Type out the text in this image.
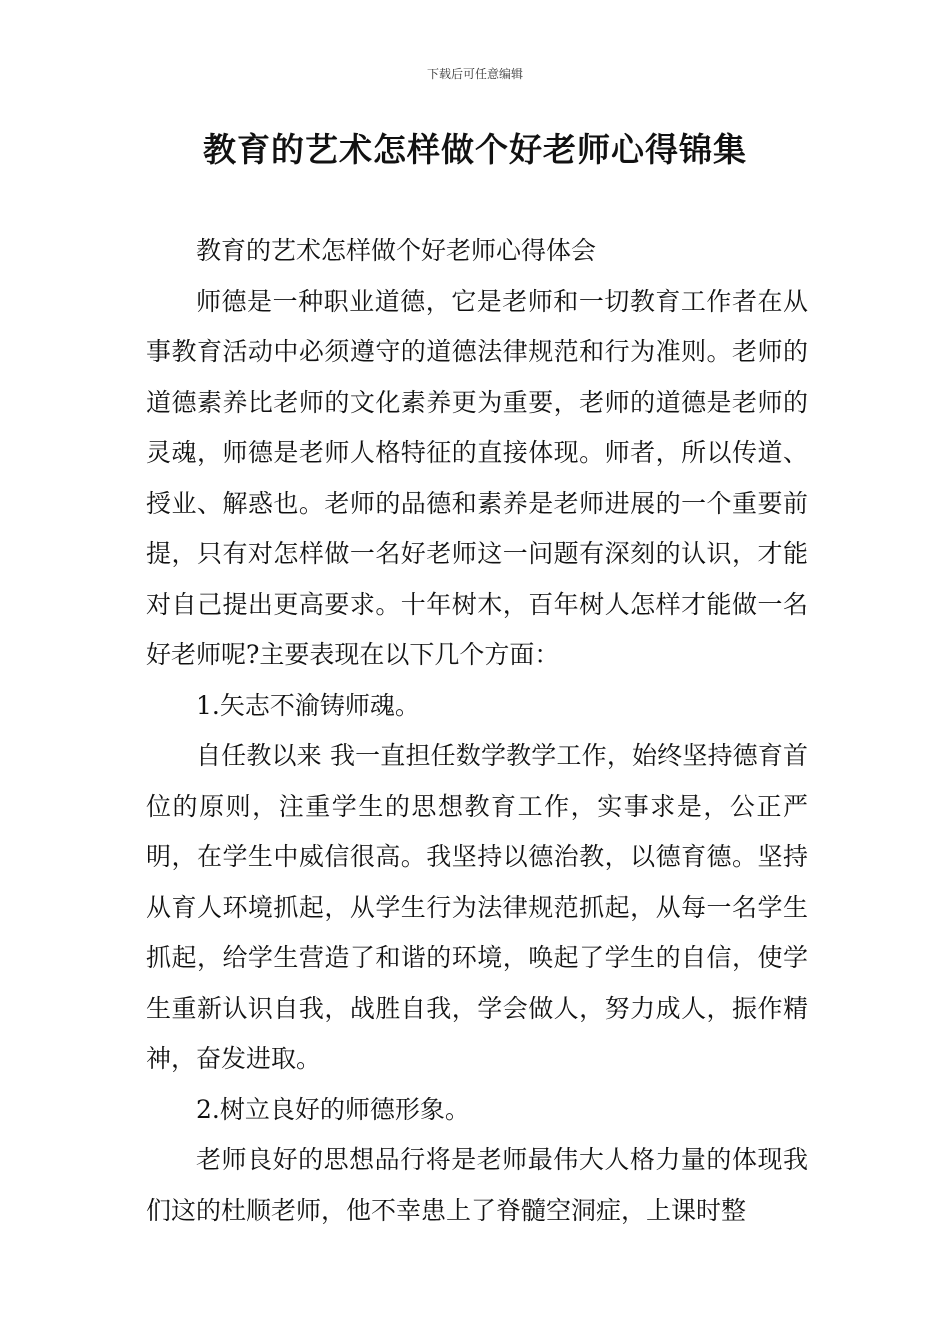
下载后可任意编辑
教育的艺术怎样做个好老师心得锦集

教育的艺术怎样做个好老师心得体会

师德是一种职业道德，它是老师和一切教育工作者在从事教育活动中必须遵守的道德法律规范和行为准则。老师的道德素养比老师的文化素养更为重要，老师的道德是老师的灵魂，师德是老师人格特征的直接体现。师者，所以传道、授业、解惑也。老师的品德和素养是老师进展的一个重要前提，只有对怎样做一名好老师这一问题有深刻的认识，才能对自己提出更高要求。十年树木，百年树人怎样才能做一名好老师呢?主要表现在以下几个方面：

1.矢志不渝铸师魂。

自任教以来 我一直担任数学教学工作，始终坚持德育首位的原则，注重学生的思想教育工作，实事求是，公正严明，在学生中威信很高。我坚持以德治教，以德育德。坚持从育人环境抓起，从学生行为法律规范抓起，从每一名学生抓起，给学生营造了和谐的环境，唤起了学生的自信，使学生重新认识自我，战胜自我，学会做人，努力成人，振作精神，奋发进取。

2.树立良好的师德形象。

老师良好的思想品行将是老师最伟大人格力量的体现我们这的杜顺老师，他不幸患上了脊髓空洞症，上课时整
